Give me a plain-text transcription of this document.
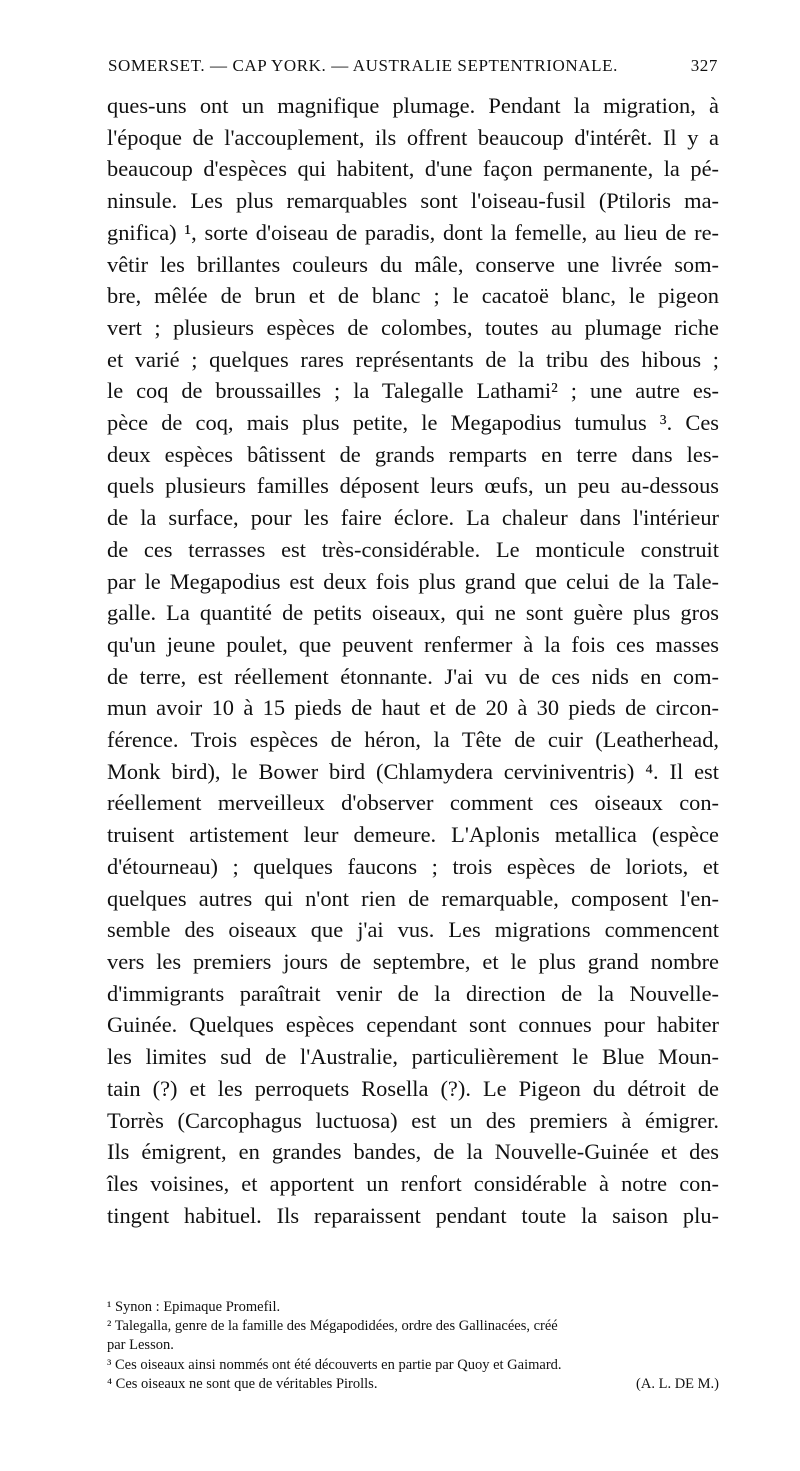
SOMERSET. — CAP YORK. — AUSTRALIE SEPTENTRIONALE.	327
ques-uns ont un magnifique plumage. Pendant la migration, à
l'époque de l'accouplement, ils offrent beaucoup d'intérêt. Il y a
beaucoup d'espèces qui habitent, d'une façon permanente, la pé-
ninsule. Les plus remarquables sont l'oiseau-fusil (Ptiloris ma-
gnifica) ¹, sorte d'oiseau de paradis, dont la femelle, au lieu de re-
vêtir les brillantes couleurs du mâle, conserve une livrée som-
bre, mêlée de brun et de blanc ; le cacatoë blanc, le pigeon
vert ; plusieurs espèces de colombes, toutes au plumage riche
et varié ; quelques rares représentants de la tribu des hibous ;
le coq de broussailles ; la Talegalle Lathami² ; une autre es-
pèce de coq, mais plus petite, le Megapodius tumulus ³. Ces
deux espèces bâtissent de grands remparts en terre dans les-
quels plusieurs familles déposent leurs œufs, un peu au-dessous
de la surface, pour les faire éclore. La chaleur dans l'intérieur
de ces terrasses est très-considérable. Le monticule construit
par le Megapodius est deux fois plus grand que celui de la Tale-
galle. La quantité de petits oiseaux, qui ne sont guère plus gros
qu'un jeune poulet, que peuvent renfermer à la fois ces masses
de terre, est réellement étonnante. J'ai vu de ces nids en com-
mun avoir 10 à 15 pieds de haut et de 20 à 30 pieds de circon-
férence. Trois espèces de héron, la Tête de cuir (Leatherhead,
Monk bird), le Bower bird (Chlamydera cerviniventris) ⁴. Il est
réellement merveilleux d'observer comment ces oiseaux con-
truisent artistement leur demeure. L'Aplonis metallica (espèce
d'étourneau) ; quelques faucons ; trois espèces de loriots, et
quelques autres qui n'ont rien de remarquable, composent l'en-
semble des oiseaux que j'ai vus. Les migrations commencent
vers les premiers jours de septembre, et le plus grand nombre
d'immigrants paraîtrait venir de la direction de la Nouvelle-
Guinée. Quelques espèces cependant sont connues pour habiter
les limites sud de l'Australie, particulièrement le Blue Moun-
tain (?) et les perroquets Rosella (?). Le Pigeon du détroit de
Torrès (Carcophagus luctuosa) est un des premiers à émigrer.
Ils émigrent, en grandes bandes, de la Nouvelle-Guinée et des
îles voisines, et apportent un renfort considérable à notre con-
tingent habituel. Ils reparaissent pendant toute la saison plu-
¹ Synon : Epimaque Promefil.
² Talegalla, genre de la famille des Mégapodidées, ordre des Gallinacées, créé
par Lesson.
³ Ces oiseaux ainsi nommés ont été découverts en partie par Quoy et Gaimard.
⁴ Ces oiseaux ne sont que de véritables Pirolls.	(A. L. DE M.)
